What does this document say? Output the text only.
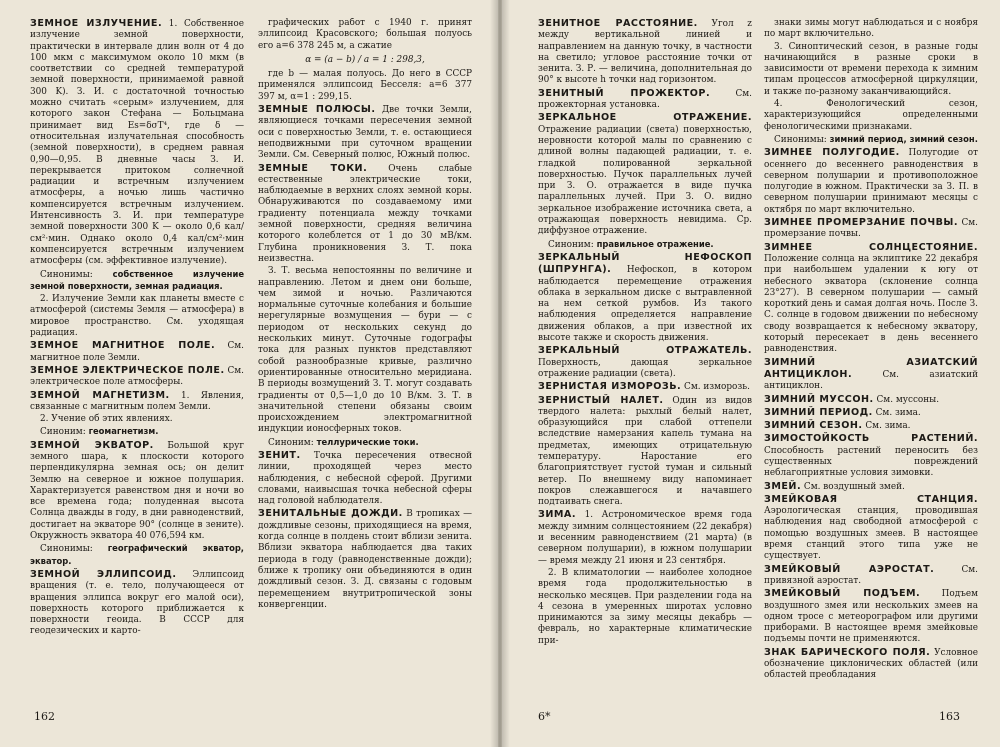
ЗЕМНОЕ ИЗЛУЧЕНИЕ. 1. Собственное излучение земной поверхности, практически в интервале длин волн от 4 до 100 мкм с максимумом около 10 мкм (в соответствии со средней температурой земной поверхности, принимаемой равной 300 K). З. И. с достаточной точностью можно считать «серым» излучением, для которого закон Стефана — Больцмана принимает вид Es=δσT⁴, где δ — относительная излучательная способность (земной поверхности), в среднем равная 0,90—0,95. В дневные часы З. И. перекрывается притоком солнечной радиации и встречным излучением атмосферы, а ночью лишь частично компенсируется встречным излучением. Интенсивность З. И. при температуре земной поверхности 300 K — около 0,6 кал/см²·мин. Однако около 0,4 кал/см²·мин компенсируется встречным излучением атмосферы (см. эффективное излучение).

Синонимы: собственное излучение земной поверхности, земная радиация.

2. Излучение Земли как планеты вместе с атмосферой (системы Земля — атмосфера) в мировое пространство. См. уходящая радиация.

ЗЕМНОЕ МАГНИТНОЕ ПОЛЕ. См. магнитное поле Земли.

ЗЕМНОЕ ЭЛЕКТРИЧЕСКОЕ ПОЛЕ. См. электрическое поле атмосферы.

ЗЕМНОЙ МАГНЕТИЗМ. 1. Явления, связанные с магнитным полем Земли.

2. Учение об этих явлениях.

Синоним: геомагнетизм.

ЗЕМНОЙ ЭКВАТОР. Большой круг земного шара, к плоскости которого перпендикулярна земная ось; он делит Землю на северное и южное полушария. Характеризуется равенством дня и ночи во все времена года; полуденная высота Солнца дважды в году, в дни равноденствий, достигает на экваторе 90° (солнце в зените). Окружность экватора 40 076,594 км.

Синонимы: географический экватор, экватор.

ЗЕМНОЙ ЭЛЛИПСОИД. Эллипсоид вращения (т. е. тело, получающееся от вращения эллипса вокруг его малой оси), поверхность которого приближается к поверхности геоида. В СССР для геодезических и карто-

графических работ с 1940 г. принят эллипсоид Красовского; большая полуось его a=6 378 245 м, а сжатие

α = (a − b) / a = 1 : 298,3,

где b — малая полуось. До него в СССР применялся эллипсоид Бесселя: a=6 377 397 м, α=1 : 299,15.

ЗЕМНЫЕ ПОЛЮСЫ. Две точки Земли, являющиеся точками пересечения земной оси с поверхностью Земли, т. е. остающиеся неподвижными при суточном вращении Земли. См. Северный полюс, Южный полюс.

ЗЕМНЫЕ ТОКИ. Очень слабые естественные электрические токи, наблюдаемые в верхних слоях земной коры. Обнаруживаются по создаваемому ими градиенту потенциала между точками земной поверхности, средняя величина которого колеблется от 1 до 30 мВ/км. Глубина проникновения З. Т. пока неизвестна.

З. Т. весьма непостоянны по величине и направлению. Летом и днем они больше, чем зимой и ночью. Различаются нормальные суточные колебания и большие нерегулярные возмущения — бури — с периодом от нескольких секунд до нескольких минут. Суточные годографы тока для разных пунктов представляют собой разнообразные кривые, различно ориентированные относительно меридиана. В периоды возмущений З. Т. могут создавать градиенты от 0,5—1,0 до 10 В/км. З. Т. в значительной степени обязаны своим происхождением электромагнитной индукции ионосферных токов.

Синоним: теллурические токи.

ЗЕНИТ. Точка пересечения отвесной линии, проходящей через место наблюдения, с небесной сферой. Другими словами, наивысшая точка небесной сферы над головой наблюдателя.

ЗЕНИТАЛЬНЫЕ ДОЖДИ. В тропиках — дождливые сезоны, приходящиеся на время, когда солнце в полдень стоит вблизи зенита. Вблизи экватора наблюдается два таких периода в году (равноденственные дожди); ближе к тропику они объединяются в один дождливый сезон. З. Д. связаны с годовым перемещением внутритропической зоны конвергенции.

162

ЗЕНИТНОЕ РАССТОЯНИЕ. Угол z между вертикальной линией и направлением на данную точку, в частности на светило; угловое расстояние точки от зенита. З. Р. — величина, дополнительная до 90° к высоте h точки над горизонтом.

ЗЕНИТНЫЙ ПРОЖЕКТОР. См. прожекторная установка.

ЗЕРКАЛЬНОЕ ОТРАЖЕНИЕ. Отражение радиации (света) поверхностью, неровности которой малы по сравнению с длиной волны падающей радиации, т. е. гладкой полированной зеркальной поверхностью. Пучок параллельных лучей при З. О. отражается в виде пучка параллельных лучей. При З. О. видно зеркальное изображение источника света, а отражающая поверхность невидима. Ср. диффузное отражение.

Синоним: правильное отражение.

ЗЕРКАЛЬНЫЙ НЕФОСКОП (ШПРУНГА). Нефоскоп, в котором наблюдается перемещение отражения облака в зеркальном диске с вытравленной на нем сеткой румбов. Из такого наблюдения определяется направление движения облаков, а при известной их высоте также и скорость движения.

ЗЕРКАЛЬНЫЙ ОТРАЖАТЕЛЬ. Поверхность, дающая зеркальное отражение радиации (света).

ЗЕРНИСТАЯ ИЗМОРОЗЬ. См. изморозь.

ЗЕРНИСТЫЙ НАЛЕТ. Один из видов твердого налета: рыхлый белый налет, образующийся при слабой оттепели вследствие намерзания капель тумана на предметах, имеющих отрицательную температуру. Наростание его благоприятствует густой туман и сильный ветер. По внешнему виду напоминает покров слежавшегося и начавшего подтаивать снега.

ЗИМА. 1. Астрономическое время года между зимним солнцестоянием (22 декабря) и весенним равноденствием (21 марта) (в северном полушарии), в южном полушарии — время между 21 июня и 23 сентября.

2. В климатологии — наиболее холодное время года продолжительностью в несколько месяцев. При разделении года на 4 сезона в умеренных широтах условно принимаются за зиму месяцы декабрь — февраль, но характерные климатические при-

знаки зимы могут наблюдаться и с ноября по март включительно.

3. Синоптический сезон, в разные годы начинающийся в разные сроки в зависимости от времени перехода к зимним типам процессов атмосферной циркуляции, и также по-разному заканчивающийся.

4. Фенологический сезон, характеризующийся определенными фенологическими признаками.

Синонимы: зимний период, зимний сезон.

ЗИМНЕЕ ПОЛУГОДИЕ. Полугодие от осеннего до весеннего равноденствия в северном полушарии и противоположное полугодие в южном. Практически за З. П. в северном полушарии принимают месяцы с октября по март включительно.

ЗИМНЕЕ ПРОМЕРЗАНИЕ ПОЧВЫ. См. промерзание почвы.

ЗИМНЕЕ СОЛНЦЕСТОЯНИЕ. Положение солнца на эклиптике 22 декабря при наибольшем удалении к югу от небесного экватора (склонение солнца 23°27′). В северном полушарии — самый короткий день и самая долгая ночь. После З. С. солнце в годовом движении по небесному своду возвращается к небесному экватору, который пересекает в день весеннего равноденствия.

ЗИМНИЙ АЗИАТСКИЙ АНТИЦИКЛОН. См. азиатский антициклон.

ЗИМНИЙ МУССОН. См. муссоны.

ЗИМНИЙ ПЕРИОД. См. зима.

ЗИМНИЙ СЕЗОН. См. зима.

ЗИМОСТОЙКОСТЬ РАСТЕНИЙ. Способность растений переносить без существенных повреждений неблагоприятные условия зимовки.

ЗМЕЙ. См. воздушный змей.

ЗМЕЙКОВАЯ СТАНЦИЯ. Аэрологическая станция, проводившая наблюдения над свободной атмосферой с помощью воздушных змеев. В настоящее время станций этого типа уже не существует.

ЗМЕЙКОВЫЙ АЭРОСТАТ. См. привязной аэростат.

ЗМЕЙКОВЫЙ ПОДЪЕМ. Подъем воздушного змея или нескольких змеев на одном тросе с метеорографом или другими приборами. В настоящее время змейковые подъемы почти не применяются.

ЗНАК БАРИЧЕСКОГО ПОЛЯ. Условное обозначение циклонических областей (или областей преобладания

6*	163
